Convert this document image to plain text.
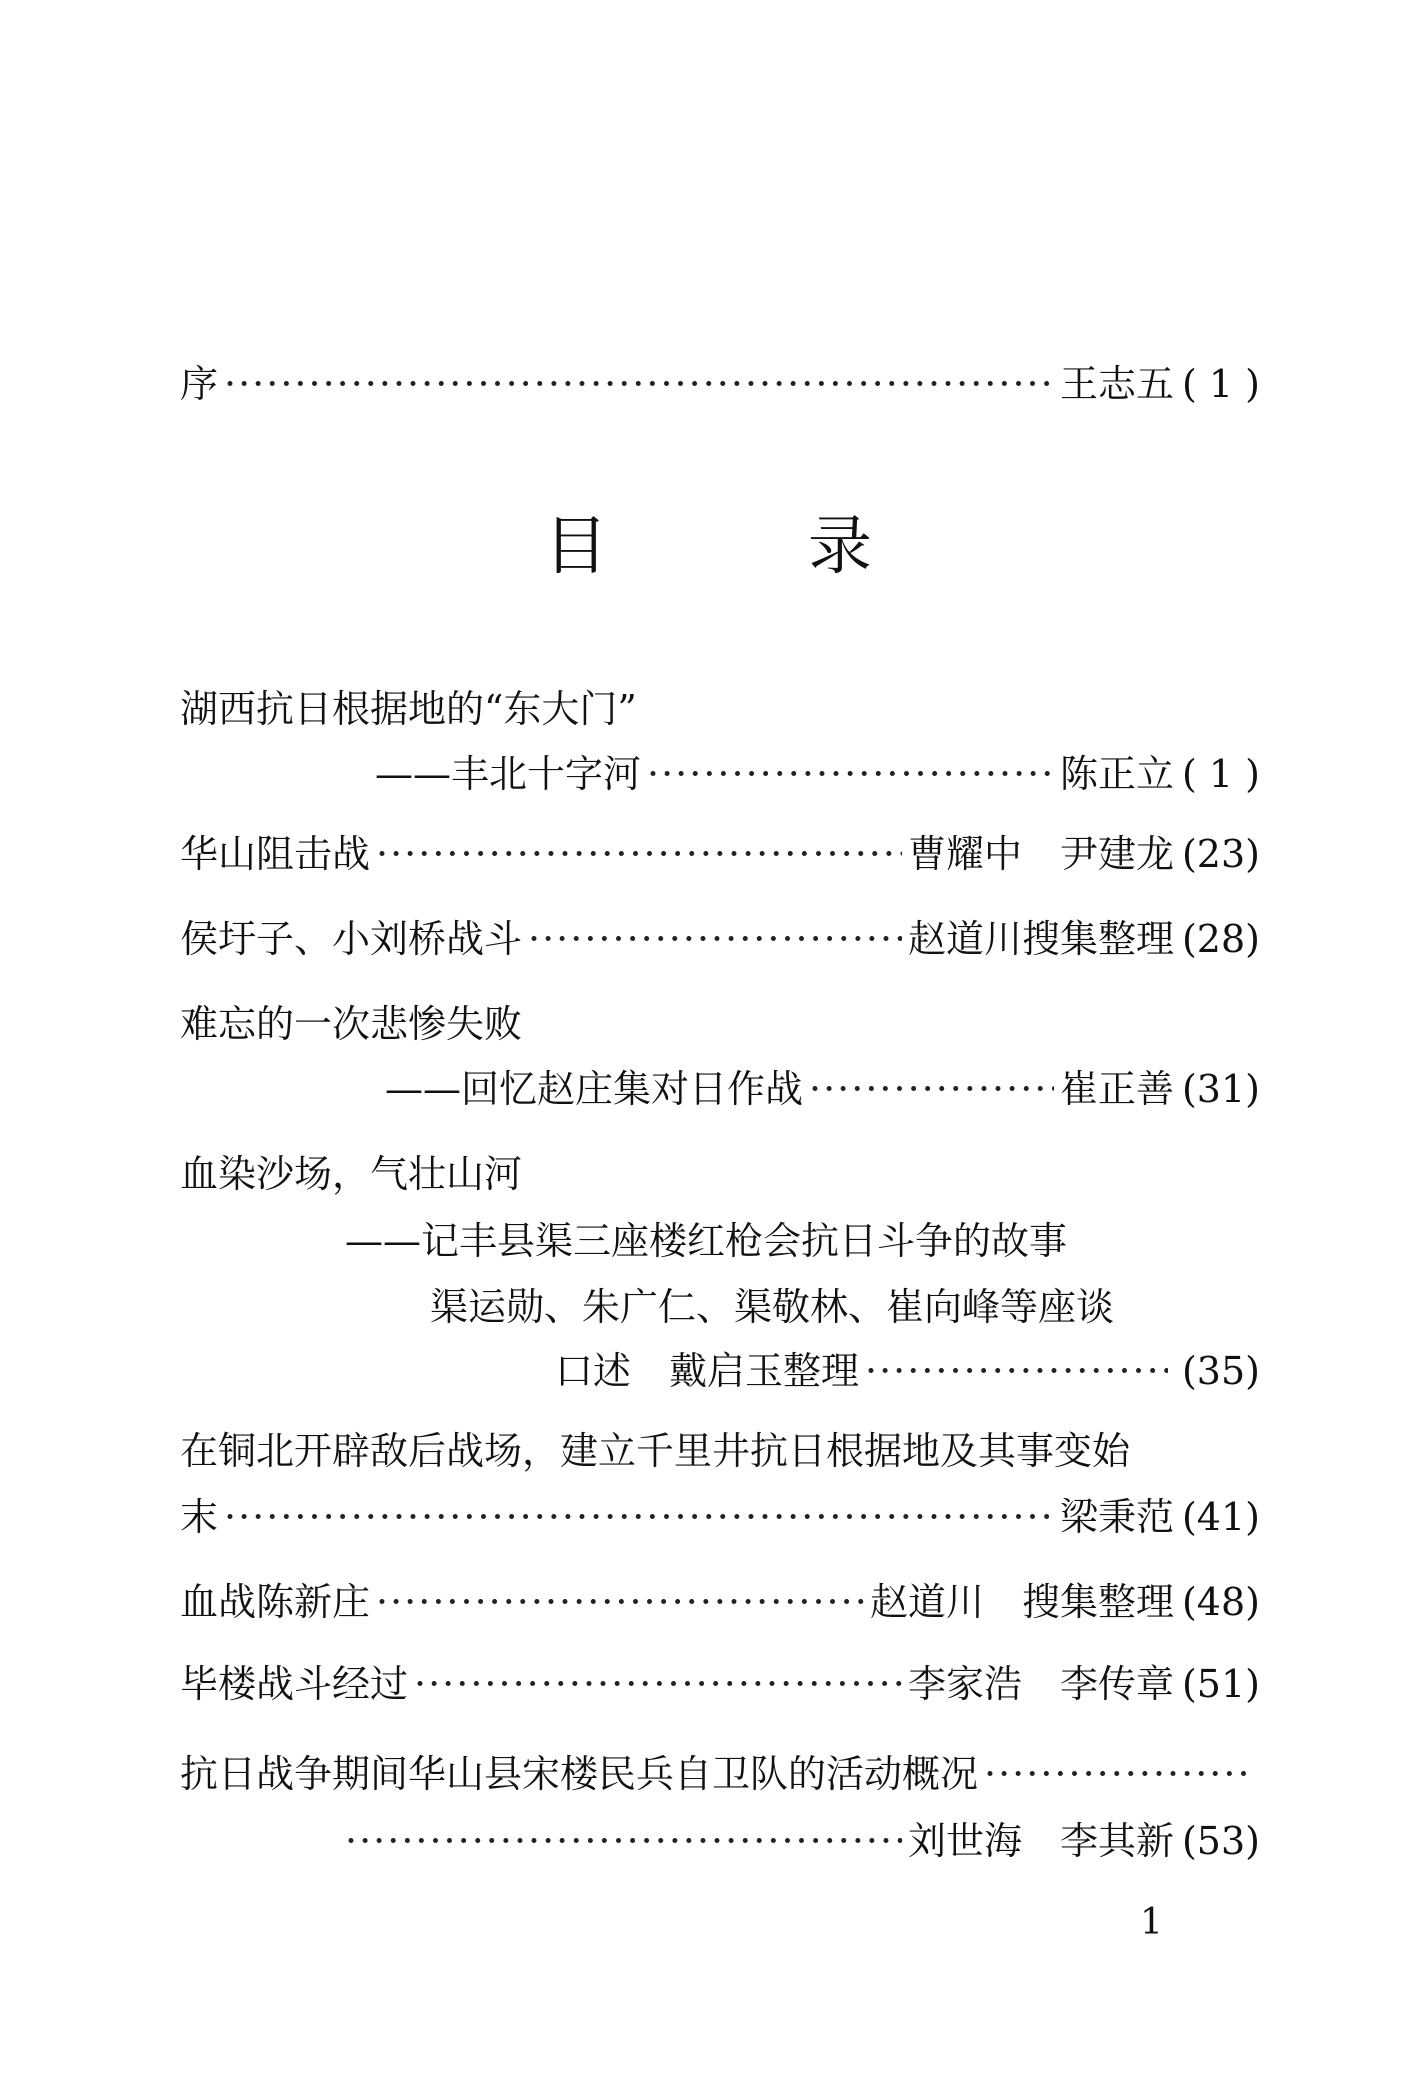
序 ·····	王志五 ( 1 )
目录
湖西抗日根据地的“东大门”
——丰北十字河 ·····	陈正立 ( 1 )
华山阻击战 ·····	曹耀中　尹建龙 (23)
侯圩子、小刘桥战斗 ·····	赵道川搜集整理 (28)
难忘的一次悲惨失败
——回忆赵庄集对日作战 ·····	崔正善 (31)
血染沙场，气壮山河
——记丰县渠三座楼红枪会抗日斗争的故事
渠运勋、朱广仁、渠敬林、崔向峰等座谈
口述　戴启玉整理 ·····	(35)
在铜北开辟敌后战场，建立千里井抗日根据地及其事变始
末 ·····	梁秉范 (41)
血战陈新庄 ·····	赵道川　搜集整理 (48)
毕楼战斗经过 ·····	李家浩　李传章 (51)
抗日战争期间华山县宋楼民兵自卫队的活动概况
·····
·····
刘世海　李其新 (53)
1
